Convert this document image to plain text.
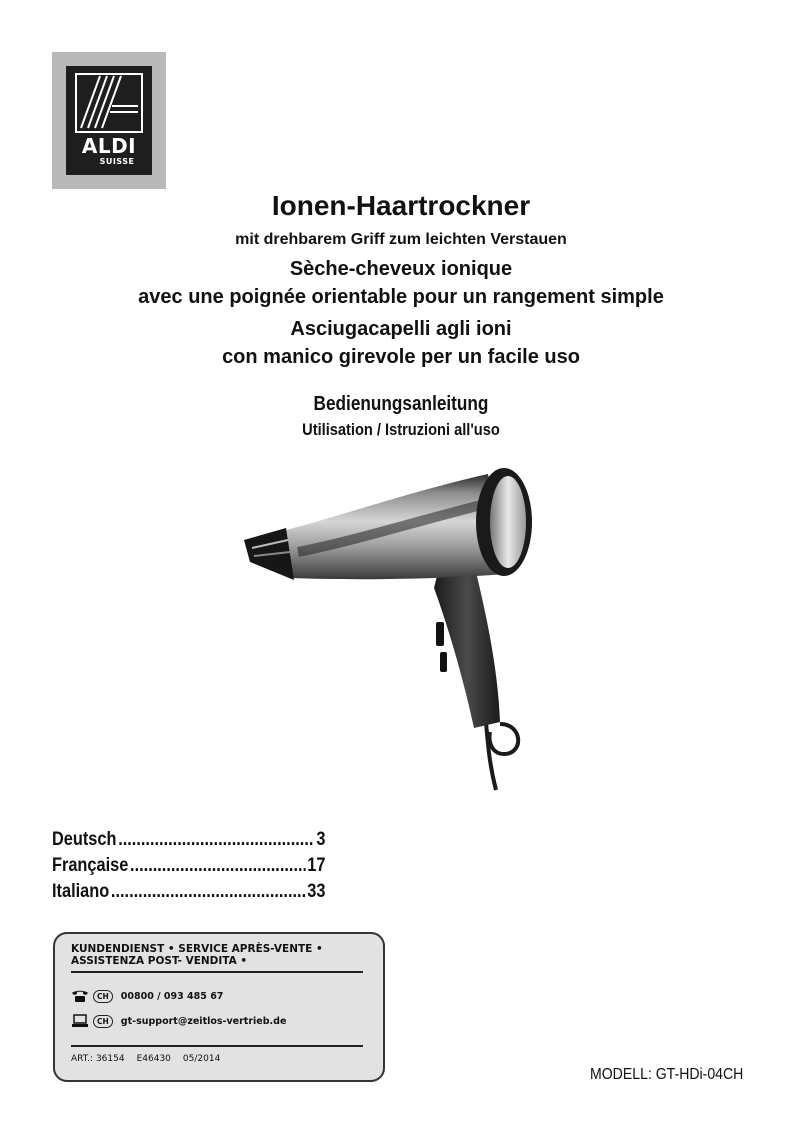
ALDI
SUISSE
Ionen-Haartrockner
mit drehbarem Griff zum leichten Verstauen
Sèche-cheveux ionique
avec une poignée orientable pour un rangement simple
Asciugacapelli agli ioni
con manico girevole per un facile uso
Bedienungsanleitung
Utilisation / Istruzioni all'uso
Deutsch .....	3
Française .....	17
Italiano .....	33
KUNDENDIENST • SERVICE APRÈS-VENTE •
ASSISTENZA POST- VENDITA •
CH	00800 / 093 485 67
CH	gt-support@zeitlos-vertrieb.de
ART.: 36154 E46430 05/2014
MODELL: GT-HDi-04CH
